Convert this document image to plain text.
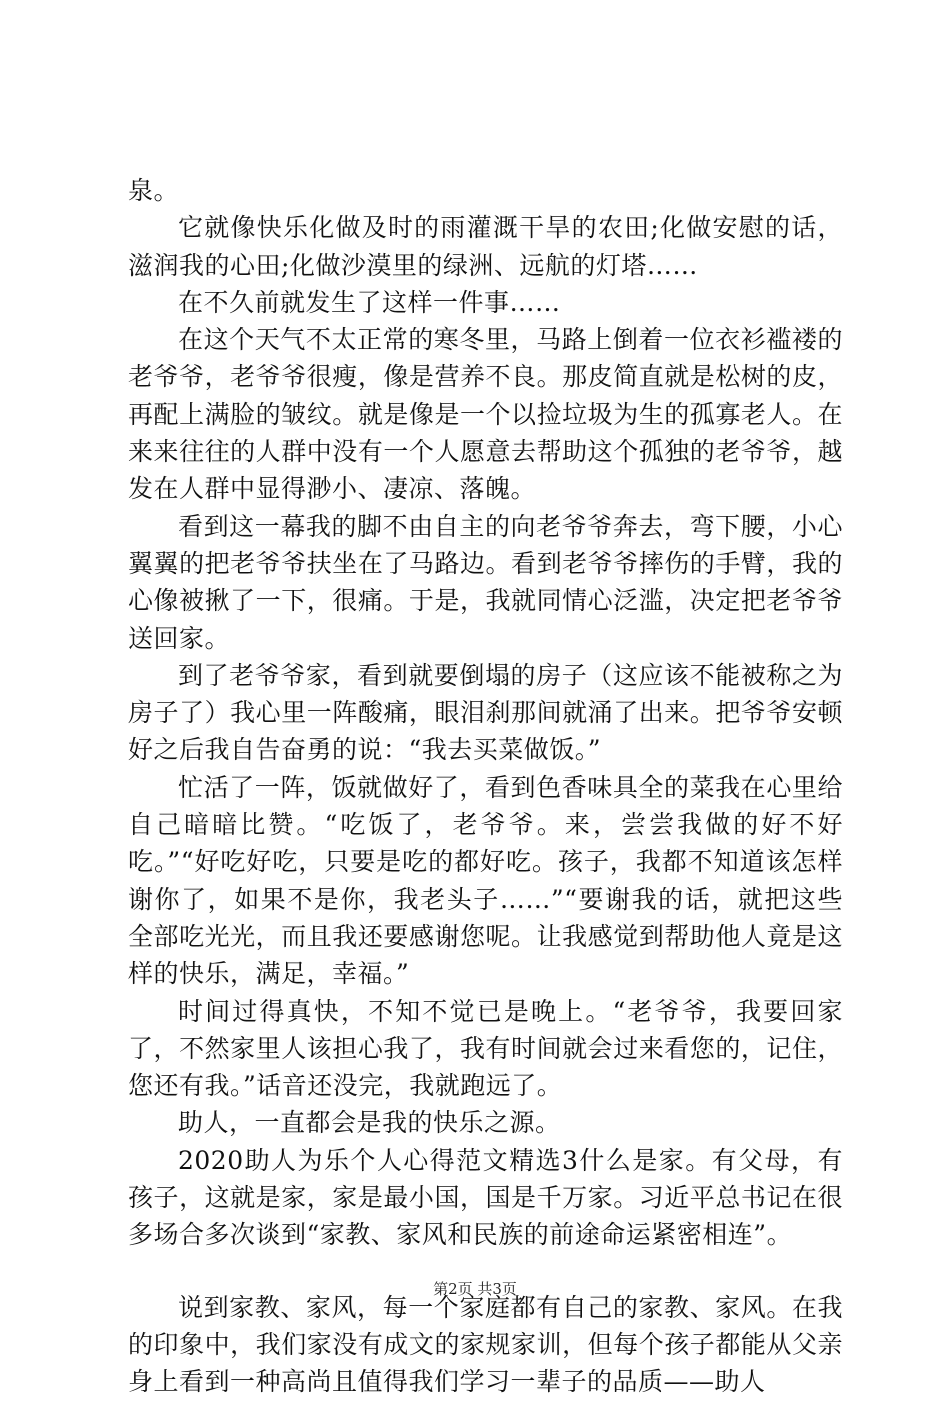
泉。

它就像快乐化做及时的雨灌溉干旱的农田;化做安慰的话，滋润我的心田;化做沙漠里的绿洲、远航的灯塔……

在不久前就发生了这样一件事……

在这个天气不太正常的寒冬里，马路上倒着一位衣衫褴褛的老爷爷，老爷爷很瘦，像是营养不良。那皮简直就是松树的皮，再配上满脸的皱纹。就是像是一个以捡垃圾为生的孤寡老人。在来来往往的人群中没有一个人愿意去帮助这个孤独的老爷爷，越发在人群中显得渺小、凄凉、落魄。

看到这一幕我的脚不由自主的向老爷爷奔去，弯下腰，小心翼翼的把老爷爷扶坐在了马路边。看到老爷爷摔伤的手臂，我的心像被揪了一下，很痛。于是，我就同情心泛滥，决定把老爷爷送回家。

到了老爷爷家，看到就要倒塌的房子（这应该不能被称之为房子了）我心里一阵酸痛，眼泪刹那间就涌了出来。把爷爷安顿好之后我自告奋勇的说：“我去买菜做饭。”

忙活了一阵，饭就做好了，看到色香味具全的菜我在心里给自己暗暗比赞。“吃饭了，老爷爷。来，尝尝我做的好不好吃。”“好吃好吃，只要是吃的都好吃。孩子，我都不知道该怎样谢你了，如果不是你，我老头子……”“要谢我的话，就把这些全部吃光光，而且我还要感谢您呢。让我感觉到帮助他人竟是这样的快乐，满足，幸福。”

时间过得真快，不知不觉已是晚上。“老爷爷，我要回家了，不然家里人该担心我了，我有时间就会过来看您的，记住，您还有我。”话音还没完，我就跑远了。

助人，一直都会是我的快乐之源。

2020助人为乐个人心得范文精选3什么是家。有父母，有孩子，这就是家，家是最小国，国是千万家。习近平总书记在很多场合多次谈到“家教、家风和民族的前途命运紧密相连”。

说到家教、家风，每一个家庭都有自己的家教、家风。在我的印象中，我们家没有成文的家规家训，但每个孩子都能从父亲身上看到一种高尚且值得我们学习一辈子的品质——助人

第2页 共3页
